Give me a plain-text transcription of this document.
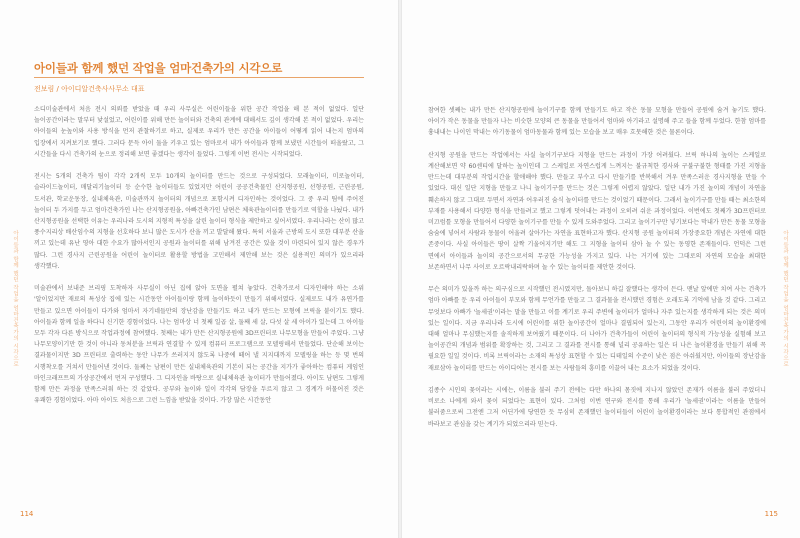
아이들과 함께 했던 작업을 엄마건축가의 시각으로
전보림 / 아이디알건축사사무소 대표

소디미술관에서 처음 전시 의뢰를 받았을 때 우리 사무실은 어린이들을 위한 공간 작업을 해 본 적이 없었다. 일단 놀이공간이라는 말부터 낯설었고, 어린이를 위해 만든 놀이터와 건축의 관계에 대해서도 깊이 생각해 본 적이 없었다. 우리는 아이들의 눈높이와 사용 방식을 먼저 관찰하기로 하고, 실제로 우리가 만든 공간을 아이들이 어떻게 읽어 내는지 엄마의 입장에서 지켜보기로 했다. 그러다 문득 아이 둘을 키우고 있는 엄마로서 내가 아이들과 함께 보냈던 시간들이 떠올랐고, 그 시간들을 다시 건축가의 눈으로 정리해 보면 좋겠다는 생각이 들었다. 그렇게 이번 전시는 시작되었다.

전시는 5개의 건축가 팀이 각각 2개씩 모두 10개의 놀이터를 만드는 것으로 구성되었다. 모래놀이터, 미로놀이터, 슬라이드놀이터, 매달리기놀이터 등 순수한 놀이터들도 있었지만 어린이 공공건축물인 산지형공원, 선형공원, 근린공원, 도서관, 학교운동장, 실내체육관, 미술관까지 놀이터의 개념으로 포함시켜 디자인하는 것이었다. 그 중 우리 팀에 주어진 놀이터 두 가지를 두고 엄마건축가인 나는 산지형공원을, 아빠건축가인 남편은 체육관놀이터를 만들기로 역할을 나눴다. 내가 산지형공원을 선택한 이유는 우리나라 도시의 지형적 특성을 살린 놀이터 형식을 제안하고 싶어서였다. 우리나라는 산이 많고 풍수지리상 배산임수의 지형을 선호하다 보니 많은 도시가 산을 끼고 발달해 왔다. 특히 서울과 근방의 도시 또한 대부분 산을 끼고 있는데 유난 영아 대한 수요가 많아서인지 공원과 놀이터를 위해 남겨진 공간은 있을 것이 마련되어 있지 않은 경우가 많다. 그런 경사지 근린공원을 어린이 놀이터로 활용할 방법을 고민해서 제안해 보는 것은 실용적인 의미가 있으리라 생각했다.

미술관에서 보내준 브리핑 도착하자 사무실이 아닌 집에 앉아 도면을 펼쳐 놓았다. 건축가로서 디자인해야 하는 소위 '알이었지만 재료의 특성상 집에 있는 시간동안 아이들이랑 함께 놀이하듯이 만들기 위해서였다. 실제로도 내가 유연가를 만들고 있으면 아이들이 다가와 엄마서 자기네들만의 장난감을 만들기도 하고 내가 만드는 모형에 브릭을 붙이기도 했다. 아이들과 함께 일을 하다니 신기한 경험이었다. 나는 엄마상 너 첫째 일곱 살, 둘째 세 살, 다섯 살 세 아이가 있는데 그 아이들 모두 각자 다른 방식으로 작업과정에 참여했다. 첫째는 내가 만든 산지형공원에 3D프린터로 나무모형을 만들어 주었다. 그냥 나무모양이기만 한 것이 아니라 동처분을 브릭과 연결할 수 있게 컴퓨터 프로그램으로 모델링해서 만들었다. 단순해 보이는 결과물이지만 3D 프린터로 출력하는 동안 나무가 쓰러지지 않도록 나중에 떼어 낼 지지대까지 모델링을 하는 등 몇 번의 시행착오를 거쳐서 만들어낸 것이다. 둘째는 남편이 만든 실내체육관의 기본이 되는 공간을 지가가 좋아하는 컴퓨터 게임인 마인크래프트의 가상공간에서 먼저 구성했다. 그 디자인을 바탕으로 실내체육관 놀이터가 만들어졌다. 아이도 남편도 그렇게 함께 만든 과정을 만족스러워 하는 것 같았다. 공부와 놀이와 일이 각각의 담장을 두르지 않고 그 경계가 허물어진 것은 유쾌한 경험이었다. 아마 아이도 처음으로 그런 느낌을 받았을 것이다. 가장 많은 시간동안

아이들과 함께 했던 작업을 엄마건축가의 시각으로
114

참여한 셋째는 내가 만든 산지형공원에 놀이기구를 함께 만들기도 하고 작은 동물 모형을 만들어 공원에 숨겨 놓기도 했다. 아이가 작은 동물을 만들자 나는 비슷한 모양의 큰 동물을 만들어서 엄마와 아기라고 설명해 주고 들을 함께 두었다. 한참 엄마를 흉내내는 나이인 막내는 아기동물이 엄마동물과 함께 있는 모습을 보고 매우 흐뭇해한 것은 물론이다.

산지형 공원을 만드는 작업에서는 사실 놀이기구보다 지형을 만드는 과정이 가장 어려웠다. 브릭 하나의 높이는 스케일로 계산해보면 약 60센티에 달하는 높이인데 그 스케일로 자연스럽게 느껴지는 불규칙한 경사와 구불구불한 형태를 가진 지형을 만드는데 대부분의 작업시간을 할애해야 했다. 만들고 부수고 다시 만들기를 반복해서 겨우 만족스러운 경사지형을 만들 수 있었다. 대신 일단 지형을 만들고 나니 놀이기구를 만드는 것은 그렇게 어렵지 않았다. 일단 내가 가진 놀이의 개념이 자연을 훼손하지 않고 그대로 두면서 자연과 어우러진 숨식 놀이터를 만드는 것이었기 때문이다. 그래서 놀이기구를 만들 때는 최소한의 부재를 사용해서 다양한 형식을 만들려고 했고 그렇게 덧어내는 과정이 오히려 쉬운 과정이었다. 이번에도 첫째가 3D프린터로 미끄럼틀 모형을 만들어서 다양한 놀이기구를 만들 수 있게 도와주었다. 그리고 놀이기구만 넣기보다는 막내가 만든 동물 모형을 숨숨에 넣어서 사람과 동물이 어울려 살아가는 자연을 표현하고자 했다. 산지형 공원 놀이터의 가장중요한 개념은 자연에 대한 존중이다. 사실 아이들은 땅이 살짝 기울어지기만 해도 그 지형을 놀이터 삼아 놀 수 있는 동영한 존재들이다. 언덕은 그런 면에서 아이들과 놀이의 공간으로서의 무궁한 가능성을 가지고 있다. 나는 거기에 있는 그대로의 자연의 모습을 최대한 보존하면서 나무 사이로 오르락내리락하며 놀 수 있는 놀이터를 제안한 것이다.

무슨 의미가 있을까 하는 의구심으로 시작했던 전시였지만, 돌아보니 하길 잘했다는 생각이 든다. 맨날 앞에만 치여 사는 건축가 엄마 아빠를 둔 우리 아이들이 부모와 함께 무언가를 만들고 그 결과물을 전시했던 경험은 오래도록 기억에 남을 것 같다. 그리고 무엇보다 아빠가 '놀세권'이라는 말을 만들고 이를 계기로 우리 주변에 놀이터가 얼마나 자주 있는지를 생각하게 되는 것은 의미 있는 일이다. 지금 우리나라 도시에 어린이를 위한 놀이공간이 얼마나 결핍되어 있는지, 그동안 우리가 어린이의 놀이환경에 대해 얼마나 무심했는지를 솔직하게 보여줬기 때문이다. 더 나아가 건축가들이 어린이 놀이터의 형식적 가능성을 실험해 보고 놀이공간의 개념과 범위를 확장하는 것, 그리고 그 결과를 전시를 통해 널리 공유하는 일은 더 나은 놀이환경을 만들기 위해 꼭 필요한 일일 것이다. 비록 브릭이라는 소재의 특성상 표현할 수 있는 디테일의 수준이 낮은 점은 아쉬웠지만, 아이들의 장난감을 재료삼아 놀이터를 만드는 아이디어는 전시를 보는 사람들의 흥미를 이끌어 내는 요소가 되었을 것이다.

김종수 시인의 꽃이라는 시에는, 이름을 불러 주기 전에는 다만 하나의 몸짓에 지나지 않았던 존재가 이름을 불러 주었더니 비로소 나에게 와서 꽃이 되었다는 표현이 있다. 그처럼 이번 연구와 전시를 통해 우리가 '놀세권'이라는 이름을 만들어 불러줌으로써 그전엔 그저 어딘가에 당연한 듯 무심히 존재했던 놀이터들이 어린이 놀이환경이라는 보다 통합적인 관점에서 바라보고 관심을 갖는 계기가 되었으리라 믿는다.

아이들과 함께 했던 작업을 엄마건축가의 시각으로
115
